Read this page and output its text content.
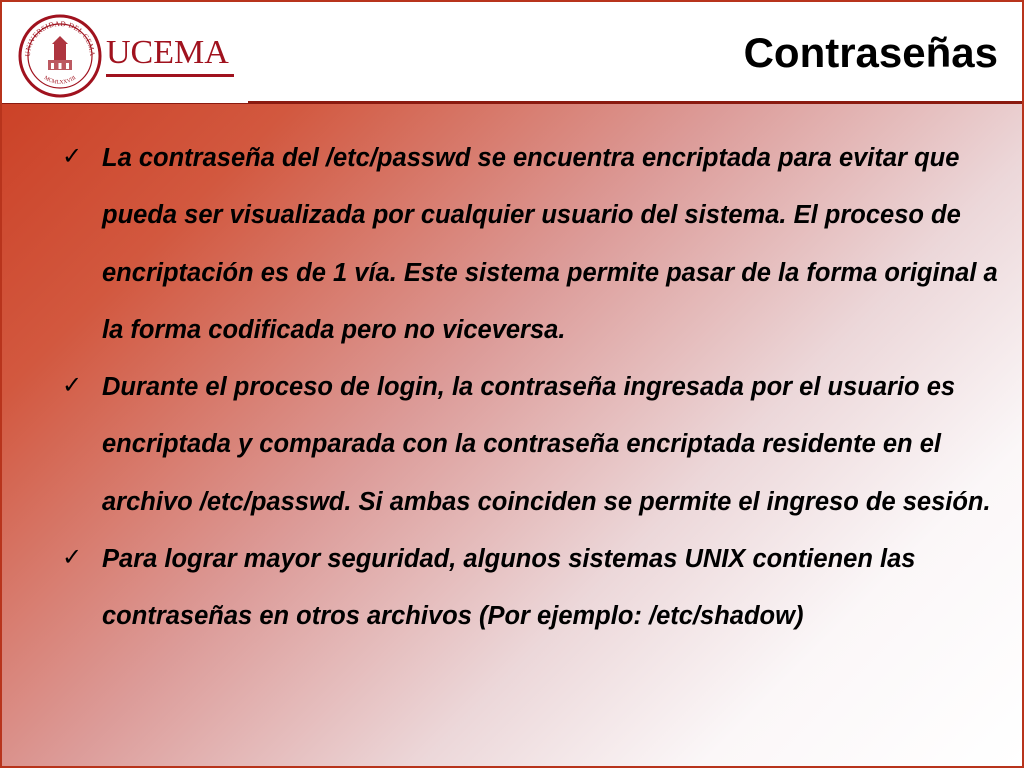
UNIVERSIDAD DEL CEMA
MCMLXXVIII
UCEMA	Contraseñas
✓ La contraseña del /etc/passwd se encuentra encriptada para evitar que pueda ser visualizada por cualquier usuario del sistema. El proceso de encriptación es de 1 vía. Este sistema permite pasar de la forma original a la forma codificada pero no viceversa.
✓ Durante el proceso de login, la contraseña ingresada por el usuario es encriptada y comparada con la contraseña encriptada residente en el archivo /etc/passwd. Si ambas coinciden se permite el ingreso de sesión.
✓ Para lograr mayor seguridad, algunos sistemas UNIX contienen las contraseñas en otros archivos (Por ejemplo: /etc/shadow)
